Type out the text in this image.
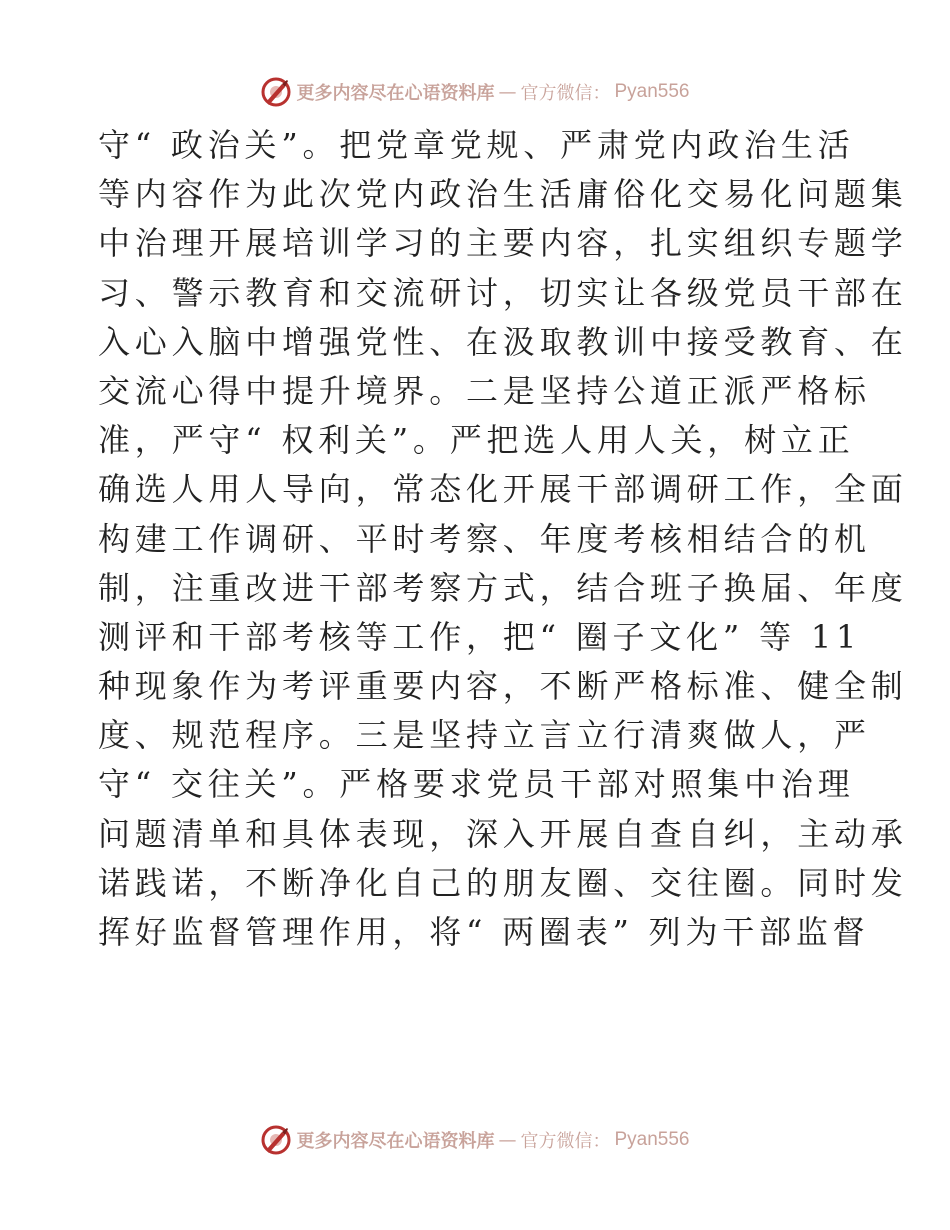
更多内容尽在心语资料库 — 官方微信： Pyan556
守“ 政治关”。把党章党规、严肃党内政治生活
等内容作为此次党内政治生活庸俗化交易化问题集
中治理开展培训学习的主要内容，扎实组织专题学
习、警示教育和交流研讨，切实让各级党员干部在
入心入脑中增强党性、在汲取教训中接受教育、在
交流心得中提升境界。二是坚持公道正派严格标
准，严守“ 权利关”。严把选人用人关，树立正
确选人用人导向，常态化开展干部调研工作，全面
构建工作调研、平时考察、年度考核相结合的机
制，注重改进干部考察方式，结合班子换届、年度
测评和干部考核等工作，把“ 圈子文化” 等 11
种现象作为考评重要内容，不断严格标准、健全制
度、规范程序。三是坚持立言立行清爽做人，严
守“ 交往关”。严格要求党员干部对照集中治理
问题清单和具体表现，深入开展自查自纠，主动承
诺践诺，不断净化自己的朋友圈、交往圈。同时发
挥好监督管理作用，将“ 两圈表” 列为干部监督
更多内容尽在心语资料库 — 官方微信： Pyan556
